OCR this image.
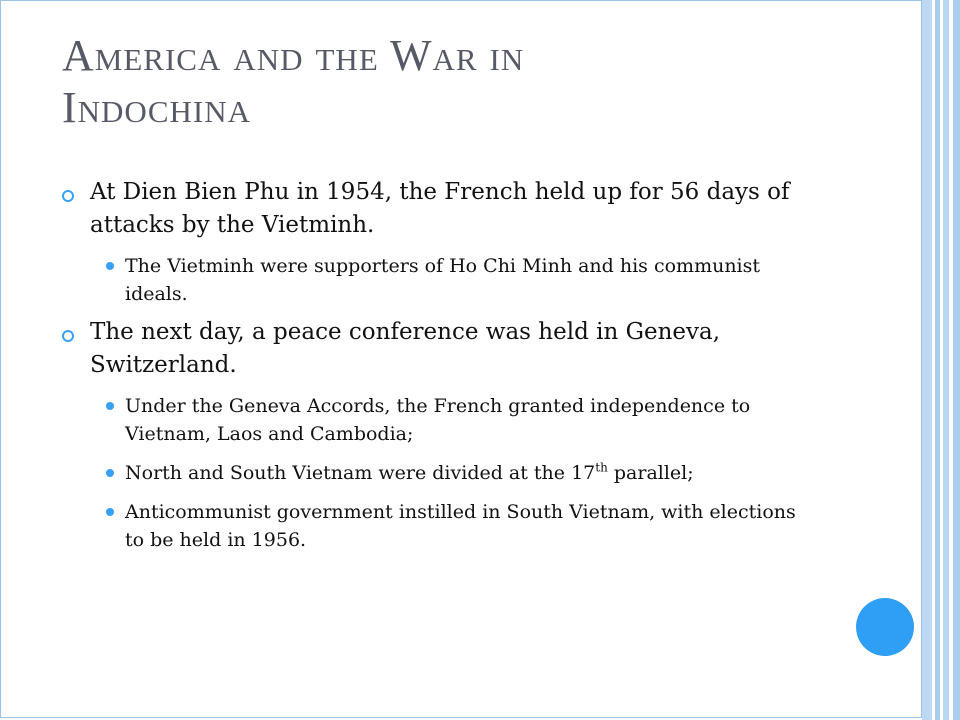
America and the War in
Indochina
At Dien Bien Phu in 1954, the French held up for 56 days of attacks by the Vietminh.
The Vietminh were supporters of Ho Chi Minh and his communist ideals.
The next day, a peace conference was held in Geneva, Switzerland.
Under the Geneva Accords, the French granted independence to Vietnam, Laos and Cambodia;
North and South Vietnam were divided at the 17th parallel;
Anticommunist government instilled in South Vietnam, with elections to be held in 1956.
